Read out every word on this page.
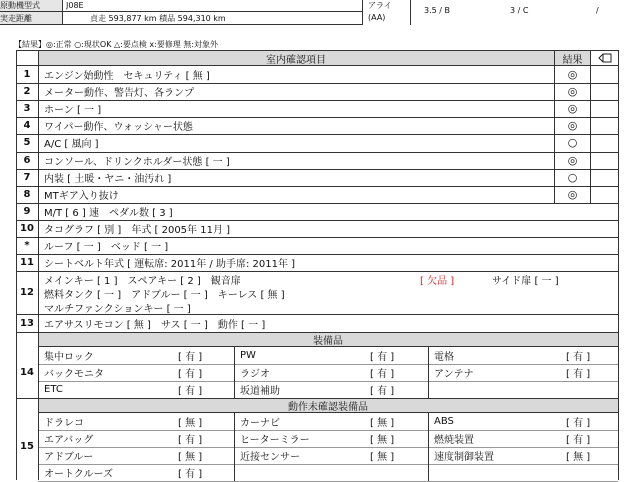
原動機型式	J08E
実走距離	貞走 593,877 km 積品 594,310 km
アライ
(AA)
3.5 / B	3 / C	/
【結果】◎:正常 ○:現状OK △:要点検 x:要修理 無:対象外
室内確認項目	結果
1	エンジン始動性　セキュリティ [ 無 ]	◎
2	メーター動作、警告灯、各ランプ	◎
3	ホーン [ 一 ]	◎
4	ワイパー動作、ウォッシャー状態	◎
5	A/C [ 風向 ]	○
6	コンソール、ドリンクホルダー状態 [ 一 ]	◎
7	内装 [ 土暖・ヤニ・油汚れ ]	○
8	MTギア入り抜け	◎
9	M/T [ 6 ] 速　ペダル数 [ 3 ]
10	タコグラフ [ 別 ]　年式 [ 2005年 11月 ]
*	ルーフ [ 一 ]　ベッド [ 一 ]
11	シートベルト年式 [ 運転席: 2011年 / 助手席: 2011年 ]
12
メインキー [ 1 ]　スペアキー [ 2 ]　観音扉	[ 欠品 ]	サイド扉 [ 一 ]
燃料タンク [ 一 ]　アドブルー [ 一 ]　キーレス [ 無 ]
マルチファンクションキー [ 一 ]
13	エアサスリモコン [ 無 ]　サス [ 一 ]　動作 [ 一 ]
装備品
14
集中ロック	[ 有 ]	PW	[ 有 ]	電格	[ 有 ]
バックモニタ	[ 有 ]	ラジオ	[ 有 ]	アンテナ	[ 有 ]
ETC	[ 有 ]	坂道補助	[ 有 ]
動作未確認装備品
15
ドラレコ	[ 無 ]	カーナビ	[ 無 ]	ABS	[ 有 ]
エアバッグ	[ 有 ]	ヒーターミラー	[ 無 ]	燃焼装置	[ 有 ]
アドブルー	[ 無 ]	近接センサー	[ 無 ]	速度制御装置	[ 無 ]
オートクルーズ	[ 有 ]
